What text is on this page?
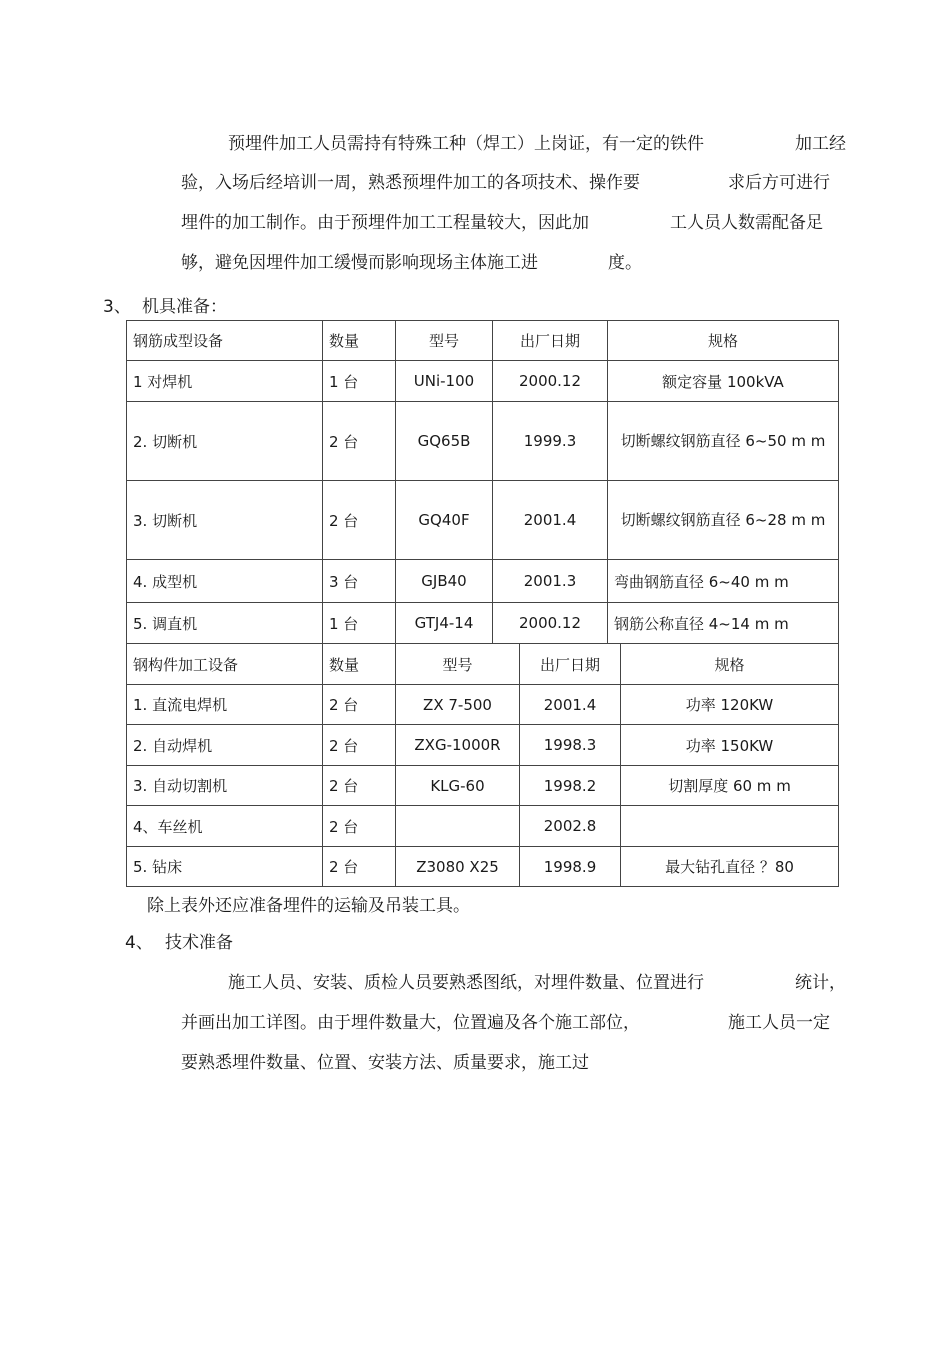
预埋件加工人员需持有特殊工种（焊工）上岗证，有一定的铁件	加工经
验，入场后经培训一周，熟悉预埋件加工的各项技术、操作要	求后方可进行
埋件的加工制作。由于预埋件加工工程量较大，因此加	工人员人数需配备足
够，避免因埋件加工缓慢而影响现场主体施工进	度。
3、 机具准备：
钢筋成型设备	数量	型号	出厂日期	规格
1 对焊机	1 台	UNi-100	2000.12	额定容量 100kVA
2. 切断机	2 台	GQ65B	1999.3	切断螺纹钢筋直径 6~50 m m
3. 切断机	2 台	GQ40F	2001.4	切断螺纹钢筋直径 6~28 m m
4. 成型机	3 台	GJB40	2001.3	弯曲钢筋直径 6~40 m m
5. 调直机	1 台	GTJ4-14	2000.12	钢筋公称直径 4~14 m m
钢构件加工设备	数量	型号	出厂日期	规格
1. 直流电焊机	2 台	ZX 7-500	2001.4	功率 120KW
2. 自动焊机	2 台	ZXG-1000R	1998.3	功率 150KW
3. 自动切割机	2 台	KLG-60	1998.2	切割厚度 60 m m
4、车丝机	2 台		2002.8	
5. 钻床	2 台	Z3080 X25	1998.9	最大钻孔直径 ？80
除上表外还应准备埋件的运输及吊装工具。
4、 技术准备
施工人员、安装、质检人员要熟悉图纸，对埋件数量、位置进行	统计，
并画出加工详图。由于埋件数量大，位置遍及各个施工部位，	施工人员一定
要熟悉埋件数量、位置、安装方法、质量要求，施工过
